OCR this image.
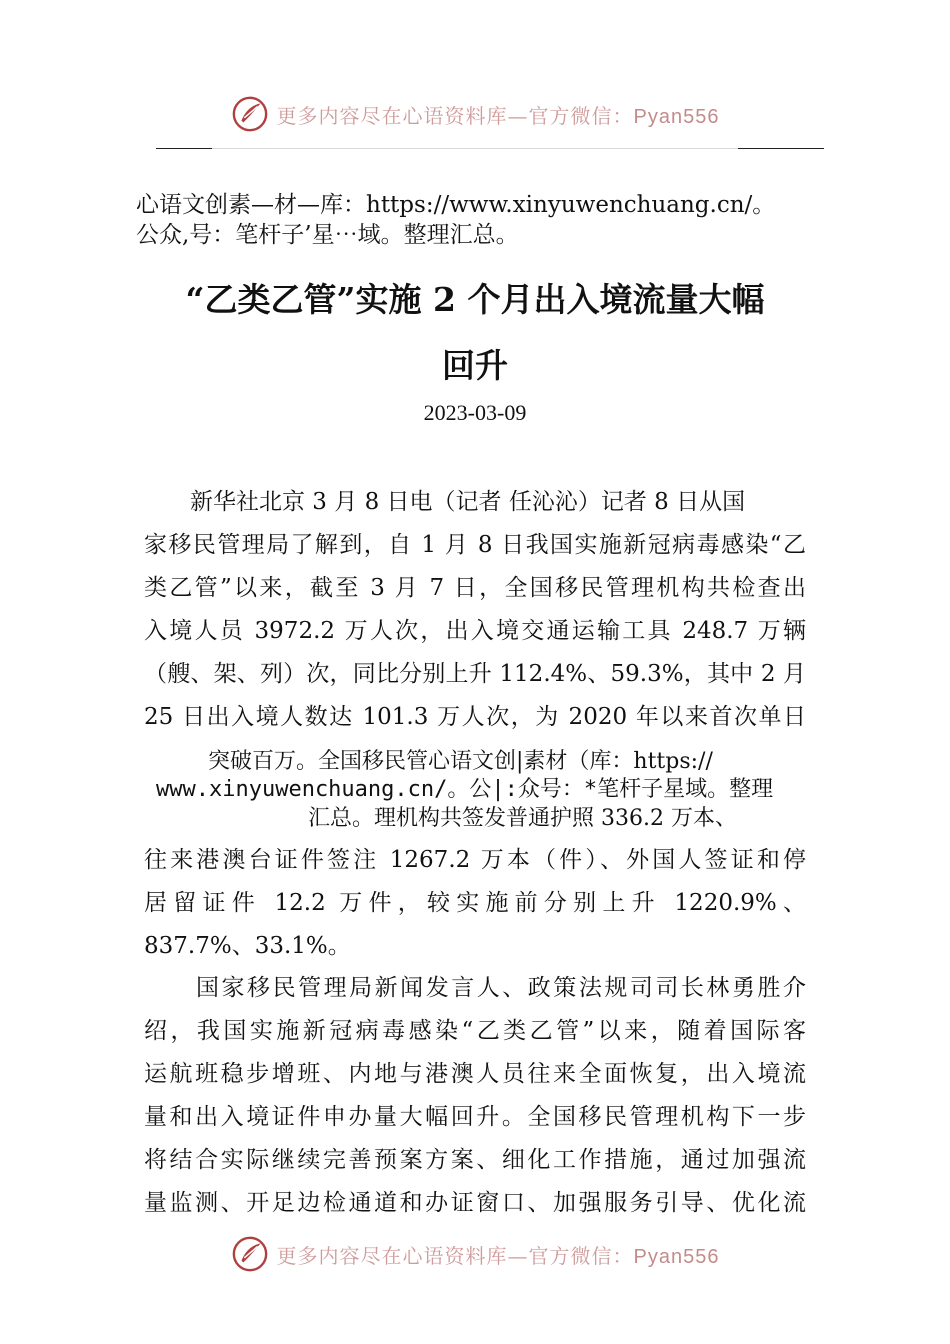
更多内容尽在心语资料库—官方微信：Pyan556
心语文创素—材—库：https://www.xinyuwenchuang.cn/。
公众,号：笔杆子’星⋯域。整理汇总。
“乙类乙管”实施 2 个月出入境流量大幅
回升
2023-03-09
新华社北京 3 月 8 日电（记者 任沁沁）记者 8 日从国
家移民管理局了解到，自 1 月 8 日我国实施新冠病毒感染“乙
类乙管”以来，截至 3 月 7 日，全国移民管理机构共检查出
入境人员 3972.2 万人次，出入境交通运输工具 248.7 万辆
（艘、架、列）次，同比分别上升 112.4%、59.3%，其中 2 月
25 日出入境人数达 101.3 万人次，为 2020 年以来首次单日
突破百万。全国移民管心语文创|素材（库：https://
www.xinyuwenchuang.cn/。公|:众号：*笔杆子星域。整理
汇总。理机构共签发普通护照 336.2 万本、
往来港澳台证件签注 1267.2 万本（件）、外国人签证和停
居留证件 12.2 万件，较实施前分别上升 1220.9%、
837.7%、33.1%。
国家移民管理局新闻发言人、政策法规司司长林勇胜介
绍，我国实施新冠病毒感染“乙类乙管”以来，随着国际客
运航班稳步增班、内地与港澳人员往来全面恢复，出入境流
量和出入境证件申办量大幅回升。全国移民管理机构下一步
将结合实际继续完善预案方案、细化工作措施，通过加强流
量监测、开足边检通道和办证窗口、加强服务引导、优化流
更多内容尽在心语资料库—官方微信：Pyan556
